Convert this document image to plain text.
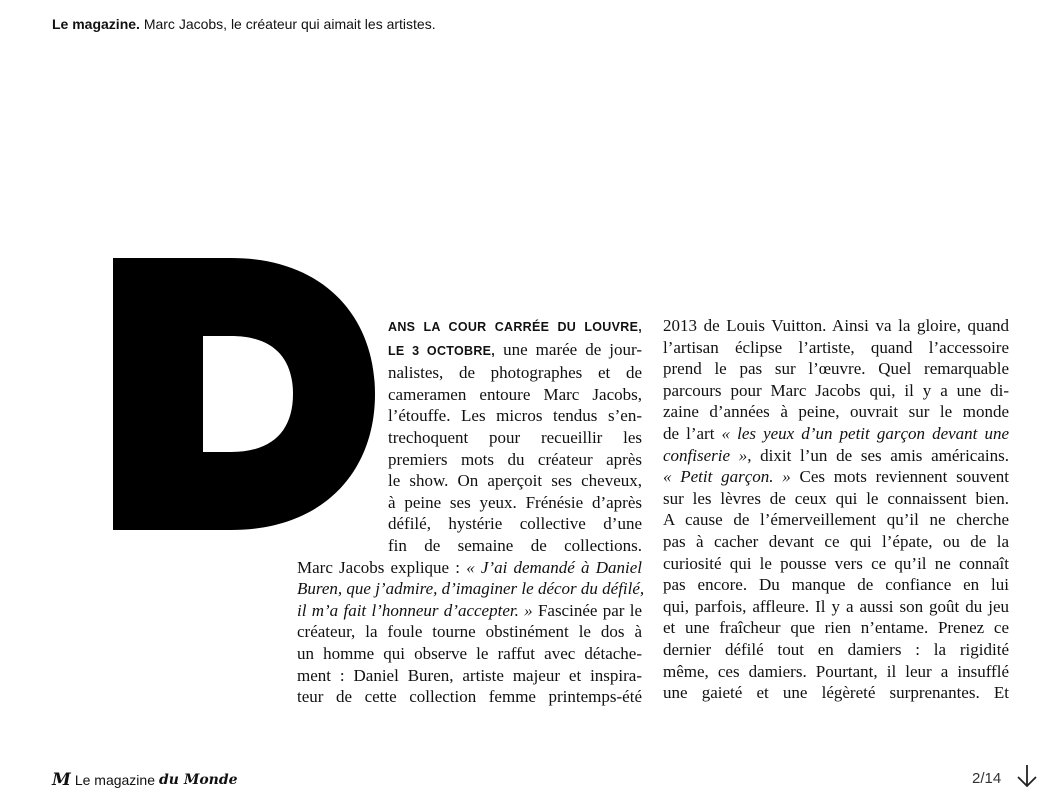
Le magazine. Marc Jacobs, le créateur qui aimait les artistes.
ANS LA COUR CARRÉE DU LOUVRE,
LE 3 OCTOBRE, une marée de jour-
nalistes, de photographes et de
cameramen entoure Marc Jacobs,
l’étouffe. Les micros tendus s’en-
trechoquent pour recueillir les
premiers mots du créateur après
le show. On aperçoit ses cheveux,
à peine ses yeux. Frénésie d’après
défilé, hystérie collective d’une
fin de semaine de collections.
Marc Jacobs explique : « J’ai demandé à Daniel
Buren, que j’admire, d’imaginer le décor du défilé,
il m’a fait l’honneur d’accepter. » Fascinée par le
créateur, la foule tourne obstinément le dos à
un homme qui observe le raffut avec détache-
ment : Daniel Buren, artiste majeur et inspira-
teur de cette collection femme printemps-été
2013 de Louis Vuitton. Ainsi va la gloire, quand
l’artisan éclipse l’artiste, quand l’accessoire
prend le pas sur l’œuvre. Quel remarquable
parcours pour Marc Jacobs qui, il y a une di-
zaine d’années à peine, ouvrait sur le monde
de l’art « les yeux d’un petit garçon devant une
confiserie », dixit l’un de ses amis américains.
« Petit garçon. » Ces mots reviennent souvent
sur les lèvres de ceux qui le connaissent bien.
A cause de l’émerveillement qu’il ne cherche
pas à cacher devant ce qui l’épate, ou de la
curiosité qui le pousse vers ce qu’il ne connaît
pas encore. Du manque de confiance en lui
qui, parfois, affleure. Il y a aussi son goût du jeu
et une fraîcheur que rien n’entame. Prenez ce
dernier défilé tout en damiers : la rigidité
même, ces damiers. Pourtant, il leur a insufflé
une gaieté et une légèreté surprenantes. Et
M Le magazine du Monde	2/14
